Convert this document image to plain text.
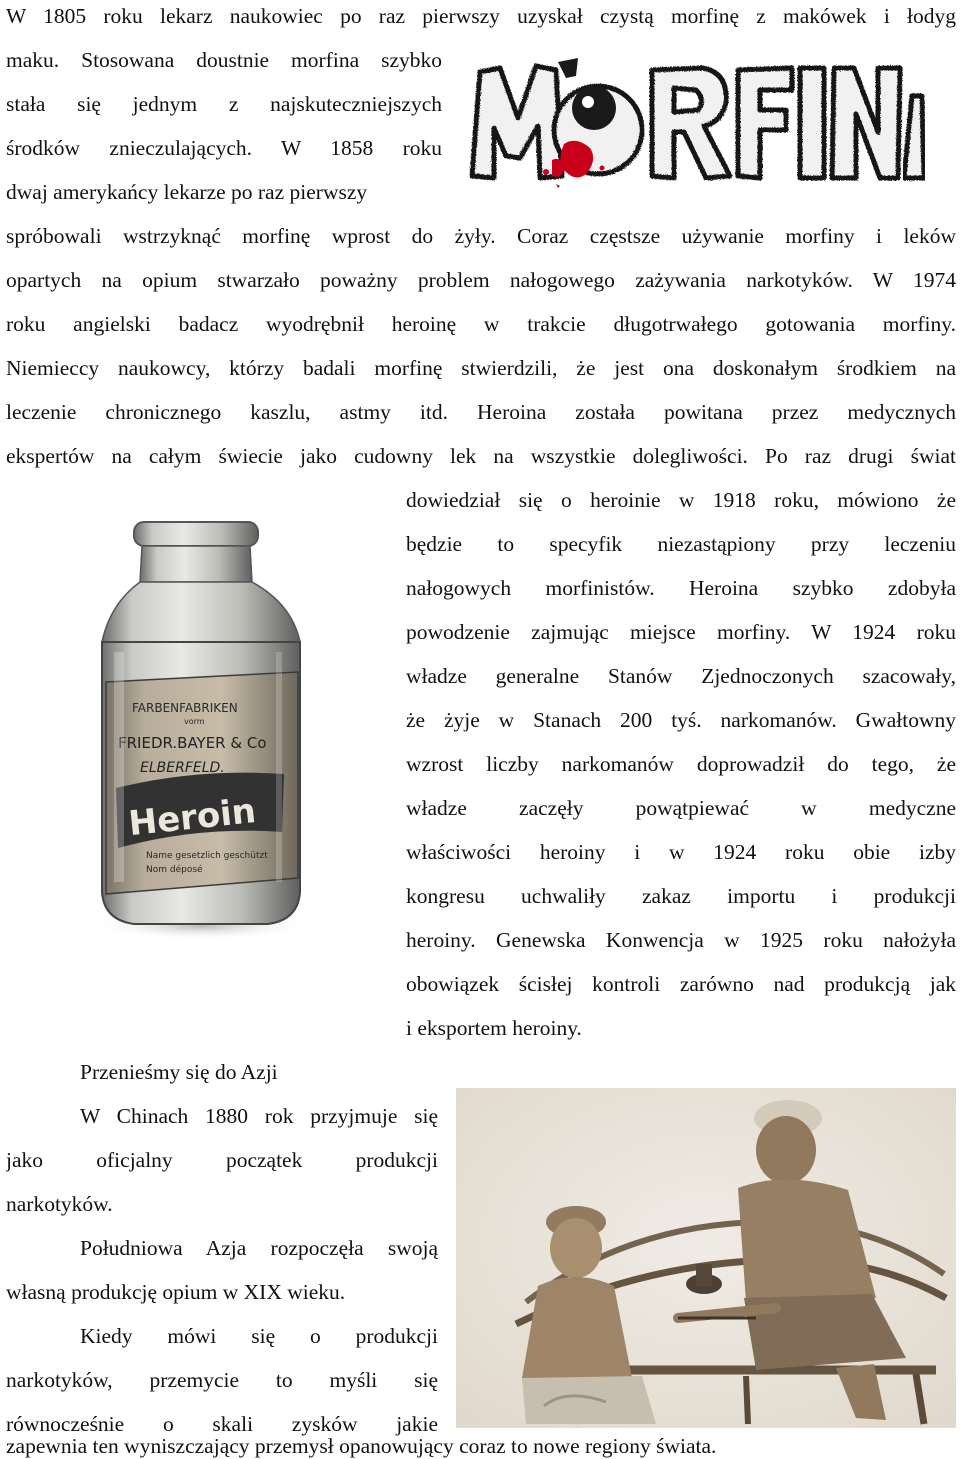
W 1805 roku lekarz naukowiec po raz pierwszy uzyskał czystą morfinę z makówek i łodyg
maku. Stosowana doustnie morfina szybko
stała się jednym z najskuteczniejszych
środków znieczulających. W 1858 roku
dwaj amerykańcy lekarze po raz pierwszy
spróbowali wstrzyknąć morfinę wprost do żyły. Coraz częstsze używanie morfiny i leków
opartych na opium stwarzało poważny problem nałogowego zażywania narkotyków. W 1974
roku angielski badacz wyodrębnił heroinę w trakcie długotrwałego gotowania morfiny.
Niemieccy naukowcy, którzy badali morfinę stwierdzili, że jest ona doskonałym środkiem na
leczenie chronicznego kaszlu, astmy itd. Heroina została powitana przez medycznych
ekspertów na całym świecie jako cudowny lek na wszystkie dolegliwości. Po raz drugi świat
dowiedział się o heroinie w 1918 roku, mówiono że
będzie to specyfik niezastąpiony przy leczeniu
nałogowych morfinistów. Heroina szybko zdobyła
powodzenie zajmując miejsce morfiny. W 1924 roku
władze generalne Stanów Zjednoczonych szacowały,
że żyje w Stanach 200 tyś. narkomanów. Gwałtowny
wzrost liczby narkomanów doprowadził do tego, że
władze zaczęły powątpiewać w medyczne
właściwości heroiny i w 1924 roku obie izby
kongresu uchwaliły zakaz importu i produkcji
heroiny. Genewska Konwencja w 1925 roku nałożyła
obowiązek ścisłej kontroli zarówno nad produkcją jak
i eksportem heroiny.
Przenieśmy się do Azji
W Chinach 1880 rok przyjmuje się
jako oficjalny początek produkcji
narkotyków.
Południowa Azja rozpoczęła swoją
własną produkcję opium w XIX wieku.
Kiedy mówi się o produkcji
narkotyków, przemycie to myśli się
równocześnie o skali zysków jakie
zapewnia ten wyniszczający przemysł opanowujący coraz to nowe regiony świata.
FARBENFABRIKEN
vorm
FRIEDR.BAYER & Co
ELBERFELD.
Heroin
Name gesetzlich geschützt
Nom déposé
